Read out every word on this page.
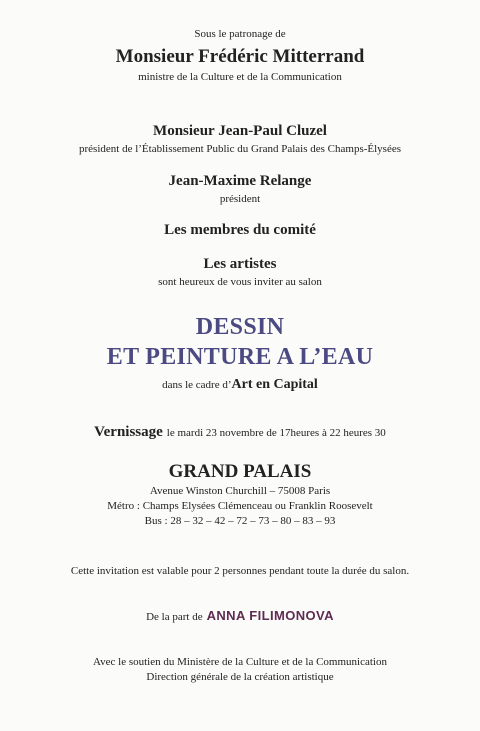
Sous le patronage de
Monsieur Frédéric Mitterrand
ministre de la Culture et de la Communication
Monsieur Jean-Paul Cluzel
président de l’Établissement Public du Grand Palais des Champs-Élysées
Jean-Maxime Relange
président
Les membres du comité
Les artistes
sont heureux de vous inviter au salon
DESSIN
ET PEINTURE A L’EAU
dans le cadre d’Art en Capital
Vernissage le mardi 23 novembre de 17heures à 22 heures 30
GRAND PALAIS
Avenue Winston Churchill – 75008 Paris
Métro : Champs Elysées Clémenceau ou Franklin Roosevelt
Bus : 28 – 32 – 42 – 72 – 73 – 80 – 83 – 93
Cette invitation est valable pour 2 personnes pendant toute la durée du salon.
De la part de ANNA FILIMONOVA
Avec le soutien du Ministère de la Culture et de la Communication
Direction générale de la création artistique
